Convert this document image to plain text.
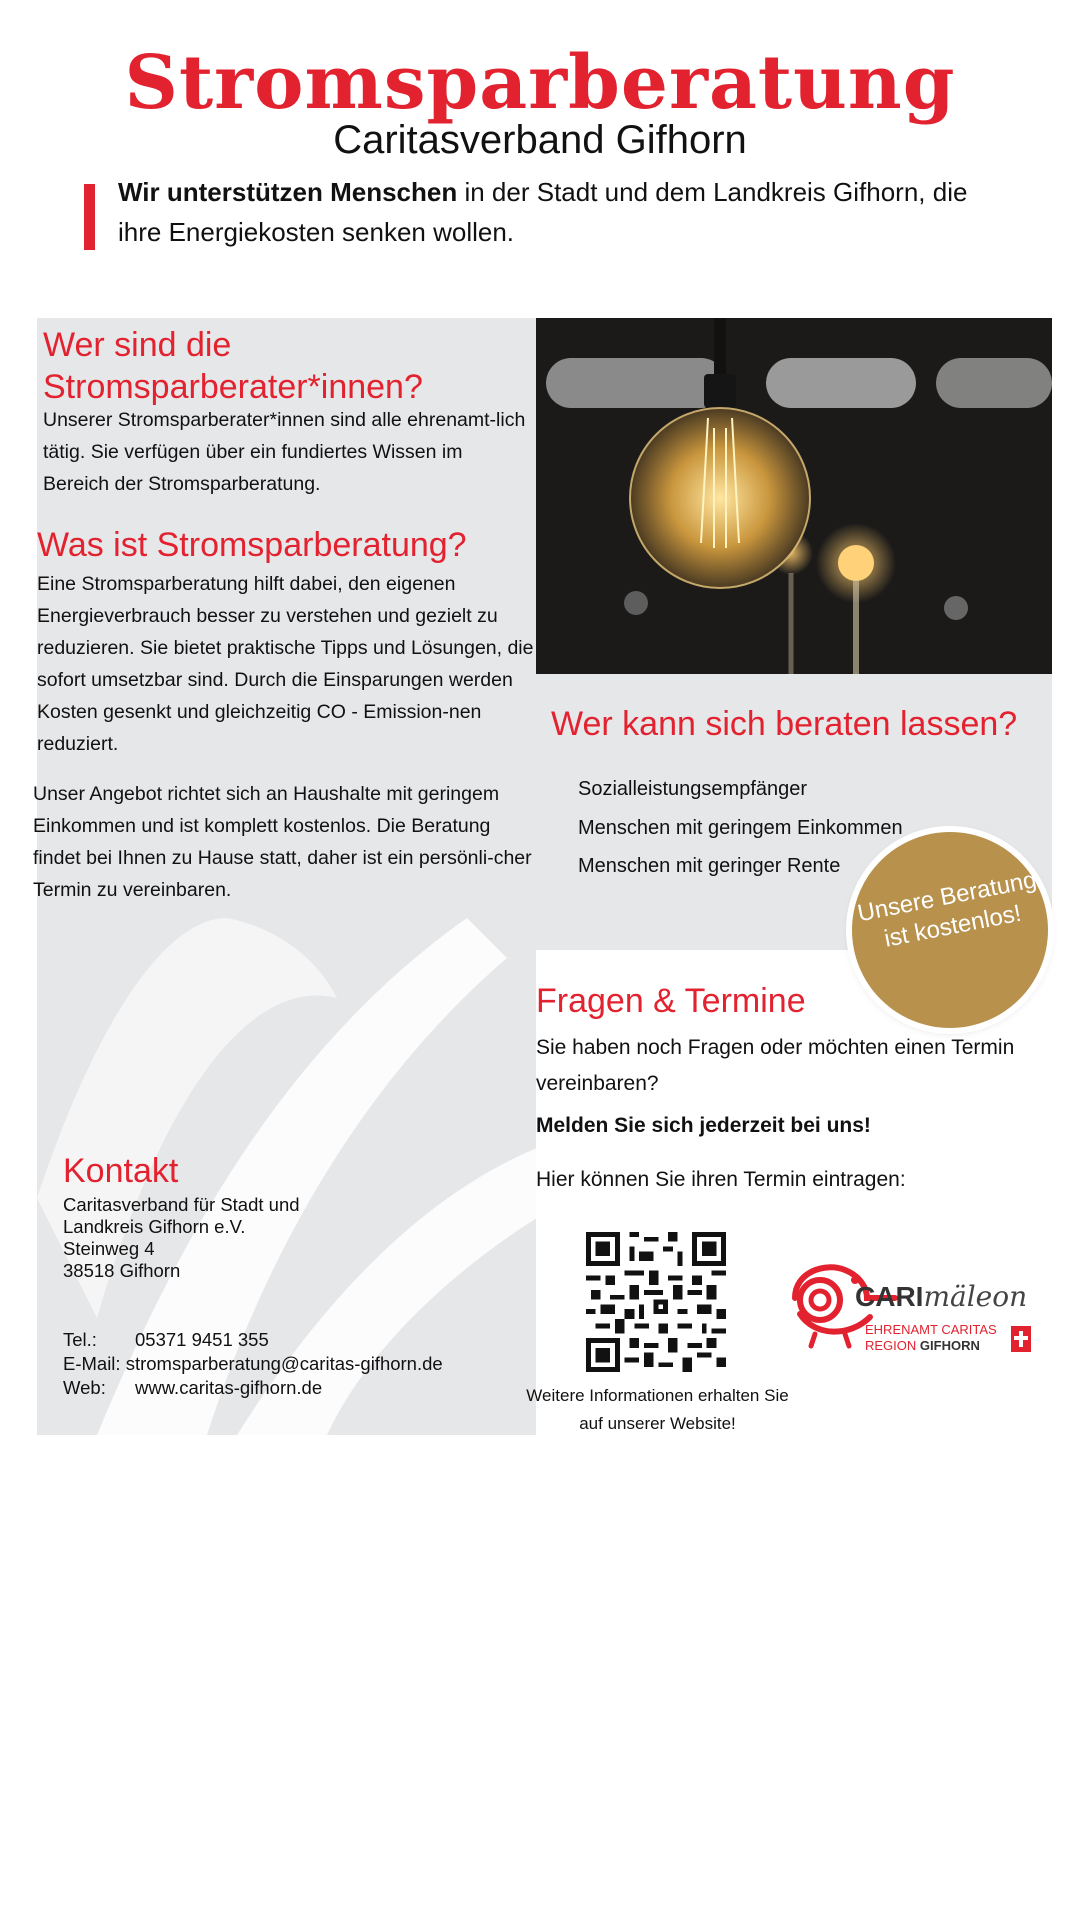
Stromsparberatung
Caritasverband Gifhorn
Wir unterstützen Menschen in der Stadt und dem Landkreis Gifhorn, die ihre Energiekosten senken wollen.
Wer sind die Stromsparberater*innen?
Unserer Stromsparberater*innen sind alle ehrenamt-lich tätig. Sie verfügen über ein fundiertes Wissen im Bereich der Stromsparberatung.
Was ist Stromsparberatung?
Eine Stromsparberatung hilft dabei, den eigenen Energieverbrauch besser zu verstehen und gezielt zu reduzieren. Sie bietet praktische Tipps und Lösungen, die sofort umsetzbar sind. Durch die Einsparungen werden Kosten gesenkt und gleichzeitig CO - Emission-nen reduziert.
Unser Angebot richtet sich an Haushalte mit geringem Einkommen und ist komplett kostenlos. Die Beratung findet bei Ihnen zu Hause statt, daher ist ein persönli-cher Termin zu vereinbaren.
Wer kann sich beraten lassen?
Sozialleistungsempfänger
Menschen mit geringem Einkommen
Menschen mit geringer Rente
Unsere Beratung ist kostenlos!
Fragen & Termine
Sie haben noch Fragen oder möchten einen Termin vereinbaren?
Melden Sie sich jederzeit bei uns!
Hier können Sie ihren Termin eintragen:
Weitere Informationen erhalten Sie auf unserer Website!
CARImäleon
EHRENAMT CARITAS
REGION GIFHORN
Kontakt
Caritasverband für Stadt und
Landkreis Gifhorn e.V.
Steinweg 4
38518 Gifhorn
Tel.: 05371 9451 355
E-Mail: stromsparberatung@caritas-gifhorn.de
Web: www.caritas-gifhorn.de
